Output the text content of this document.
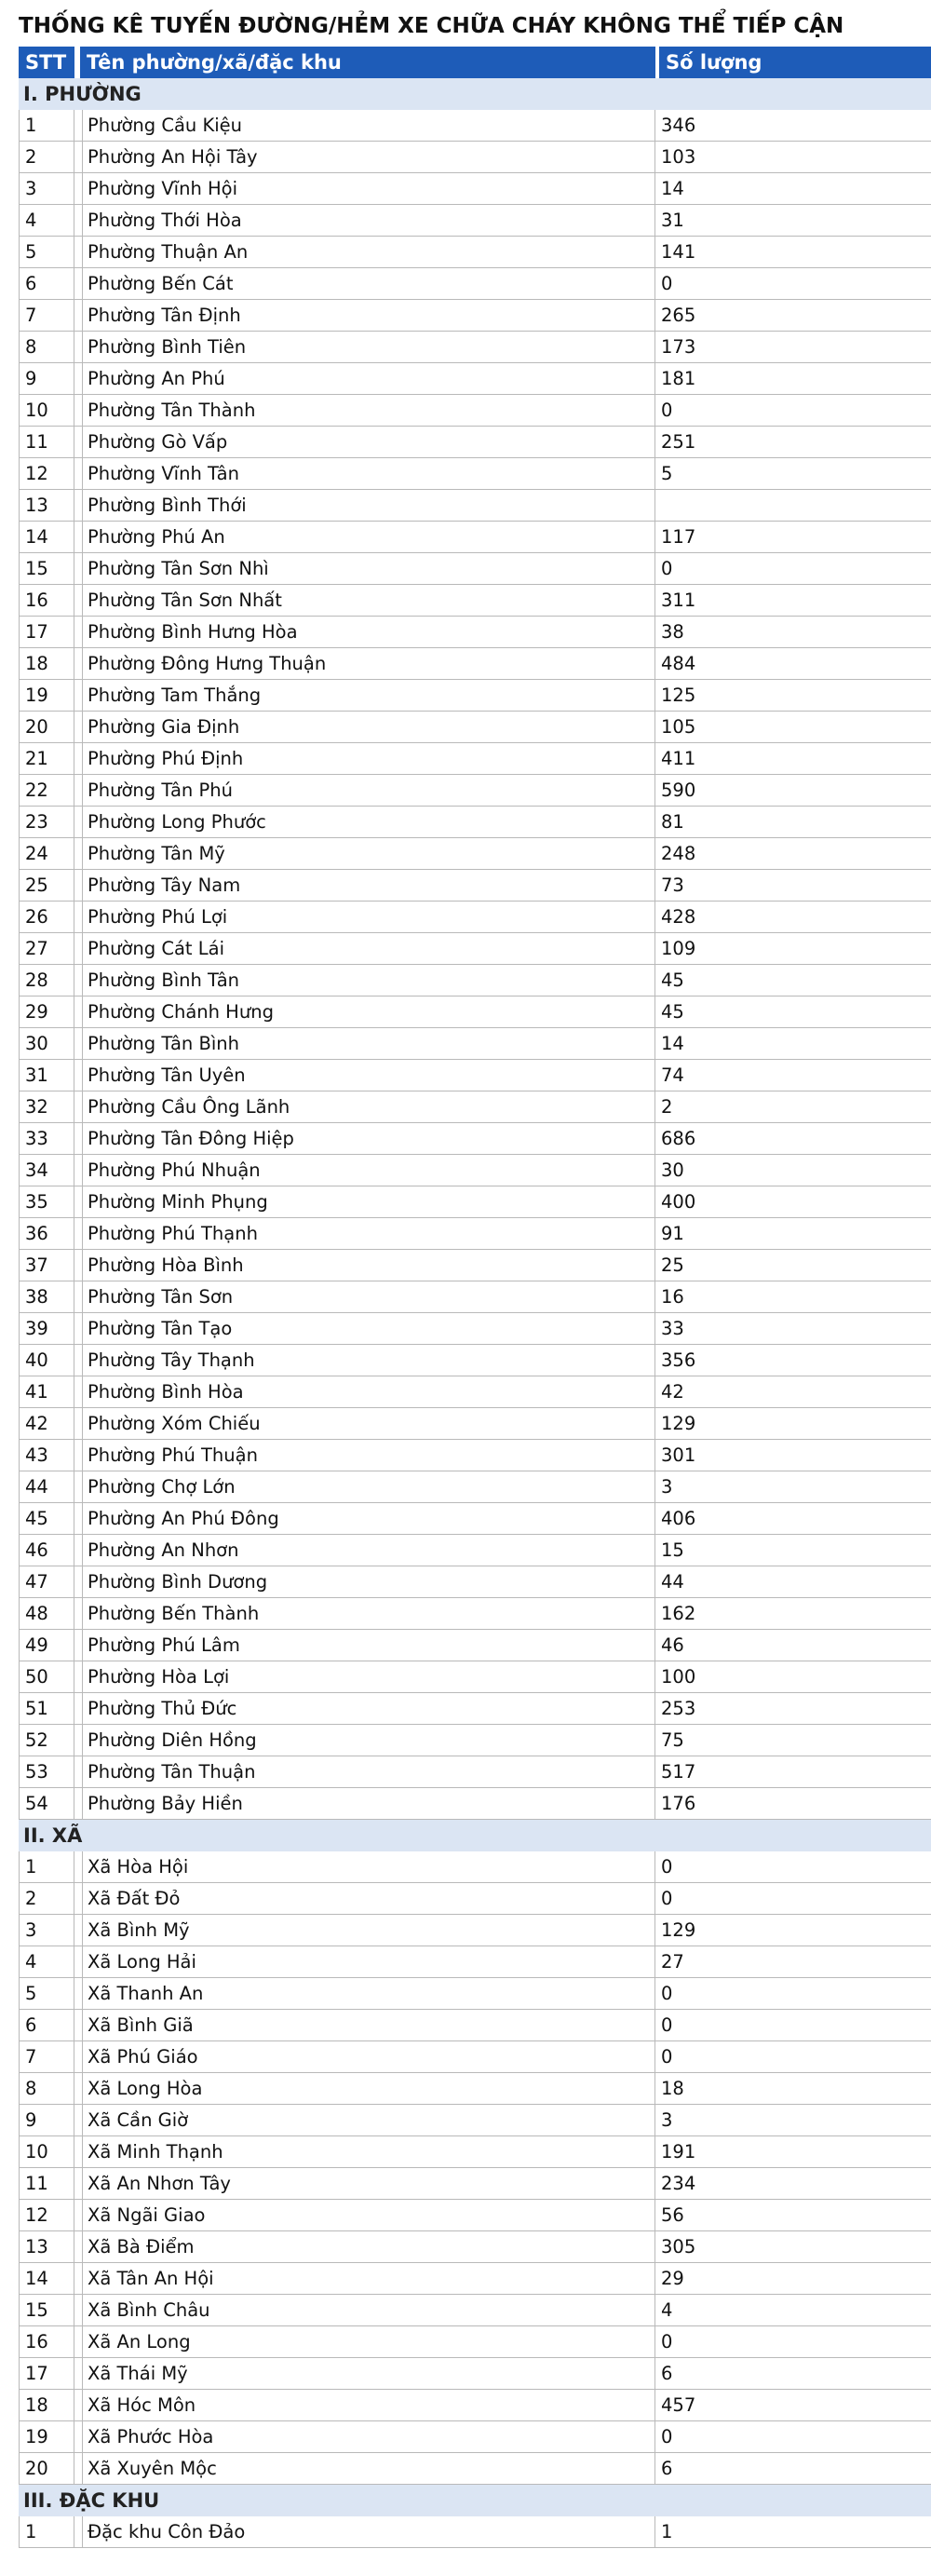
THỐNG KÊ TUYẾN ĐƯỜNG/HẺM XE CHỮA CHÁY KHÔNG THỂ TIẾP CẬN
STT	Tên phường/xã/đặc khu	Số lượng
I. PHƯỜNG
1	Phường Cầu Kiệu	346
2	Phường An Hội Tây	103
3	Phường Vĩnh Hội	14
4	Phường Thới Hòa	31
5	Phường Thuận An	141
6	Phường Bến Cát	0
7	Phường Tân Định	265
8	Phường Bình Tiên	173
9	Phường An Phú	181
10	Phường Tân Thành	0
11	Phường Gò Vấp	251
12	Phường Vĩnh Tân	5
13	Phường Bình Thới
14	Phường Phú An	117
15	Phường Tân Sơn Nhì	0
16	Phường Tân Sơn Nhất	311
17	Phường Bình Hưng Hòa	38
18	Phường Đông Hưng Thuận	484
19	Phường Tam Thắng	125
20	Phường Gia Định	105
21	Phường Phú Định	411
22	Phường Tân Phú	590
23	Phường Long Phước	81
24	Phường Tân Mỹ	248
25	Phường Tây Nam	73
26	Phường Phú Lợi	428
27	Phường Cát Lái	109
28	Phường Bình Tân	45
29	Phường Chánh Hưng	45
30	Phường Tân Bình	14
31	Phường Tân Uyên	74
32	Phường Cầu Ông Lãnh	2
33	Phường Tân Đông Hiệp	686
34	Phường Phú Nhuận	30
35	Phường Minh Phụng	400
36	Phường Phú Thạnh	91
37	Phường Hòa Bình	25
38	Phường Tân Sơn	16
39	Phường Tân Tạo	33
40	Phường Tây Thạnh	356
41	Phường Bình Hòa	42
42	Phường Xóm Chiếu	129
43	Phường Phú Thuận	301
44	Phường Chợ Lớn	3
45	Phường An Phú Đông	406
46	Phường An Nhơn	15
47	Phường Bình Dương	44
48	Phường Bến Thành	162
49	Phường Phú Lâm	46
50	Phường Hòa Lợi	100
51	Phường Thủ Đức	253
52	Phường Diên Hồng	75
53	Phường Tân Thuận	517
54	Phường Bảy Hiền	176
II. XÃ
1	Xã Hòa Hội	0
2	Xã Đất Đỏ	0
3	Xã Bình Mỹ	129
4	Xã Long Hải	27
5	Xã Thanh An	0
6	Xã Bình Giã	0
7	Xã Phú Giáo	0
8	Xã Long Hòa	18
9	Xã Cần Giờ	3
10	Xã Minh Thạnh	191
11	Xã An Nhơn Tây	234
12	Xã Ngãi Giao	56
13	Xã Bà Điểm	305
14	Xã Tân An Hội	29
15	Xã Bình Châu	4
16	Xã An Long	0
17	Xã Thái Mỹ	6
18	Xã Hóc Môn	457
19	Xã Phước Hòa	0
20	Xã Xuyên Mộc	6
III. ĐẶC KHU
1	Đặc khu Côn Đảo	1
